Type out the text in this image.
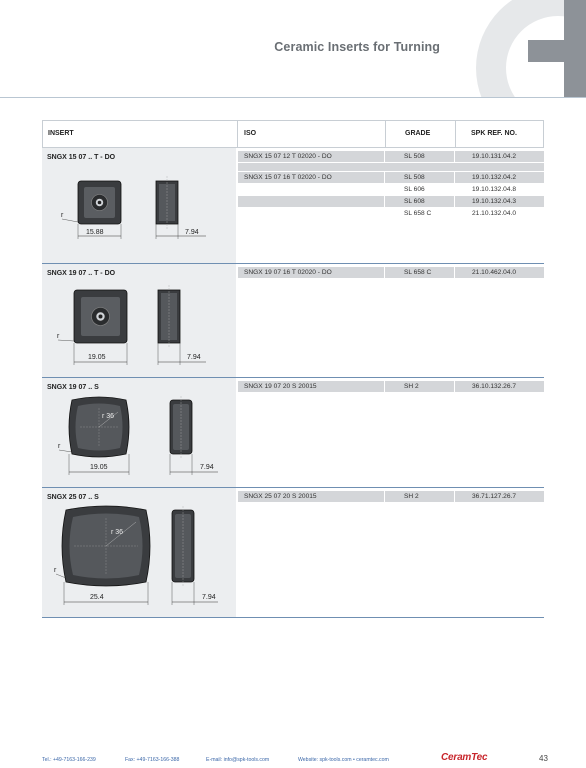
Ceramic Inserts for Turning
INSERT	ISO	GRADE	SPK REF. NO.
SNGX 15 07 .. T - DO
15.88	7.94
r
SNGX 15 07 12 T 02020 - DO	SL 508	19.10.131.04.2
SNGX 15 07 16 T 02020 - DO	SL 508	19.10.132.04.2
SL 606	19.10.132.04.8
SL 608	19.10.132.04.3
SL 658 C	21.10.132.04.0
SNGX 19 07 .. T - DO
19.05	7.94
r
SNGX 19 07 16 T 02020 - DO	SL 658 C	21.10.462.04.0
SNGX 19 07 .. S
r 36
19.05	7.94
r
SNGX 19 07 20 S 20015	SH 2	36.10.132.26.7
SNGX 25 07 .. S
r 36
25.4	7.94
r
SNGX 25 07 20 S 20015	SH 2	36.71.127.26.7
Tel.: +49-7163-166-239	Fax: +49-7163-166-388	E-mail: info@spk-tools.com	Website: spk-tools.com • ceramtec.com	CeramTec	43
